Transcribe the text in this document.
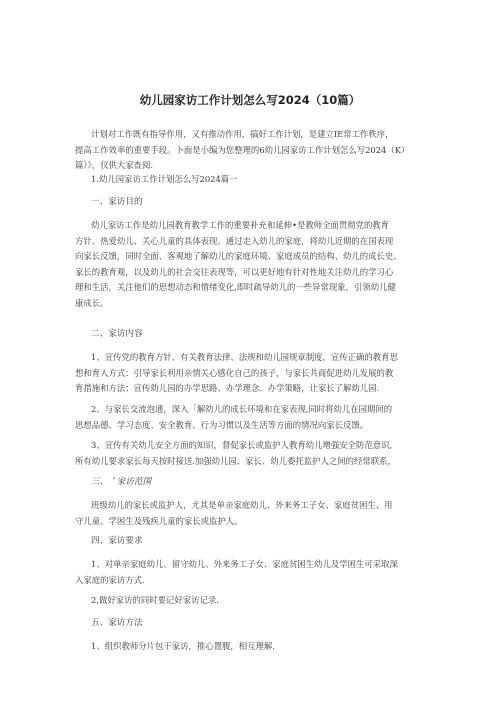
幼儿园家访工作计划怎么写2024（10篇）

计划对工作既有指导作用，又有推动作用，搞好工作计划，是建立IE常工作秩序，

提高工作效率的重要手段。卜面是小编为您整理的6幼儿园家访工作计划怎么写2024（K）

篇）》，仅供大家查阅.

1.幼儿园家访工作计划怎么写2024篇一

一、家访目的

幼儿家访工作是幼儿园教育教学工作的重要补充和延伸•是教师全面贯彻党的教育

方针、热爱幼儿、关心儿童的具体表现。通过走入幼儿的家庭，将幼儿近期的在国表现

向家长反馈，同时全面、客观地了解幼儿的家庭环境、家庭成员的结构、幼儿的成长史、

家长的教育观，以及幼儿的社会交往表现等，可以更好地有针对性地关注幼儿的学习心

理和生活，关注他们的思想动态和情绪变化,即时疏导幼儿的一些异常现象，引领幼儿健

康成长。

二、家访内容

1、宣传党的教育方针、有关教育法律、法规和幼儿园规章制度，宣传正确的教育思

想和育人方式：引导家长利用亲情关心感化自己的孩子，与家长共商促进幼儿发展的教

育措施和方法；宣传幼儿园的办学思路、办学理念、办学策略，让家长了解幼儿园.

2、与家长交流泡通，深入「解幼儿的成长环境和在家表现,同时将幼儿在园期间的

思想品德、学习态度、安全教育、行为习惯以及生活等方面的情况向家长反馈。

3、宣传有关幼儿安全方面的知识，督促家长或监护人教育幼儿增强安全防范意识,

所有幼儿要求家长每天按时接送.加强幼儿园、家长、幼儿委托监护人之间的经常联系，

三、＇家访范围

班级幼儿的家长或监护人，尤其是单亲家庭幼儿、外来务工子女、家庭贫困生、用

守儿童、学困生及残疾儿童的家长或监护人。

四、家访要求

1、对单亲家庭幼儿、留守幼儿、外来务工子女、家庭贫困生幼儿及学困生可采取深

入家庭的家访方式.

2,做好家访的同时要记好家访记录.

五、家访方法

1、组织教师分片包干家访，推心置腹，相互理解.
